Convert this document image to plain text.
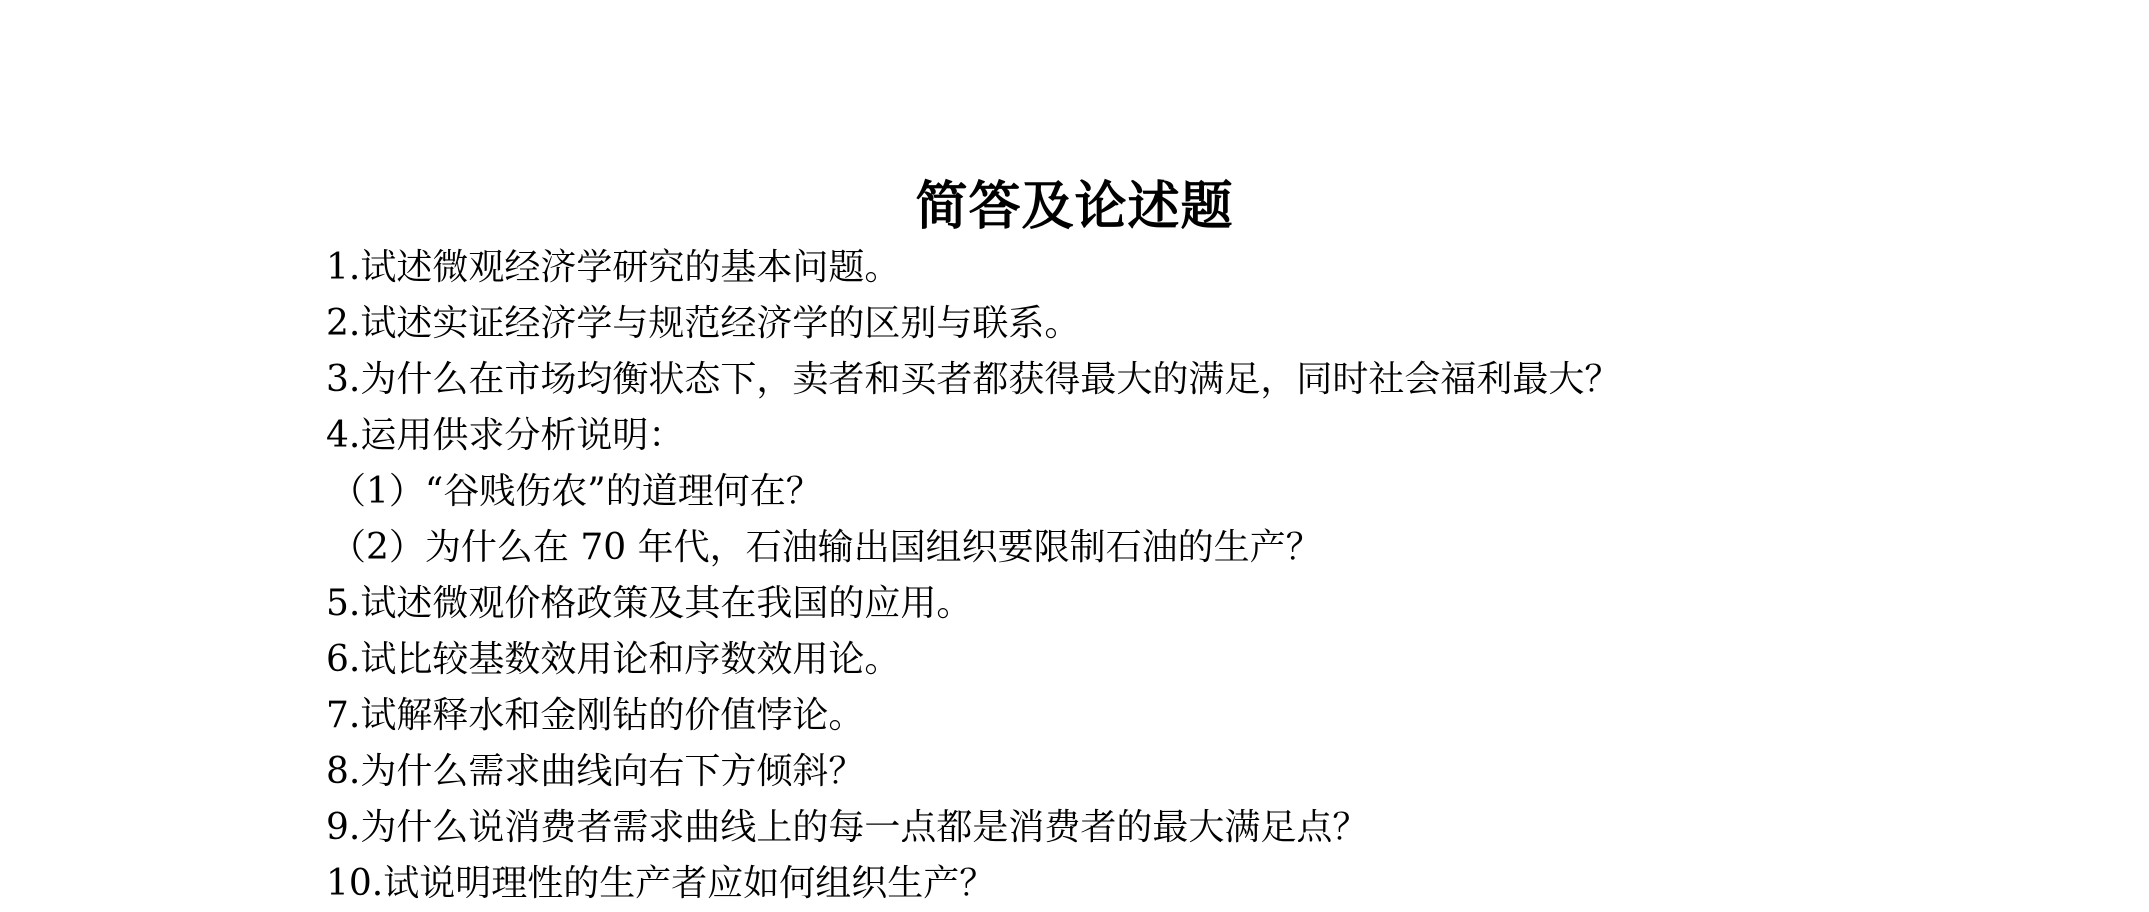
简答及论述题
1.试述微观经济学研究的基本问题。
2.试述实证经济学与规范经济学的区别与联系。
3.为什么在市场均衡状态下，卖者和买者都获得最大的满足，同时社会福利最大？
4.运用供求分析说明：
（1）“谷贱伤农”的道理何在？
（2）为什么在 70 年代，石油输出国组织要限制石油的生产？
5.试述微观价格政策及其在我国的应用。
6.试比较基数效用论和序数效用论。
7.试解释水和金刚钻的价值悖论。
8.为什么需求曲线向右下方倾斜？
9.为什么说消费者需求曲线上的每一点都是消费者的最大满足点？
10.试说明理性的生产者应如何组织生产？
